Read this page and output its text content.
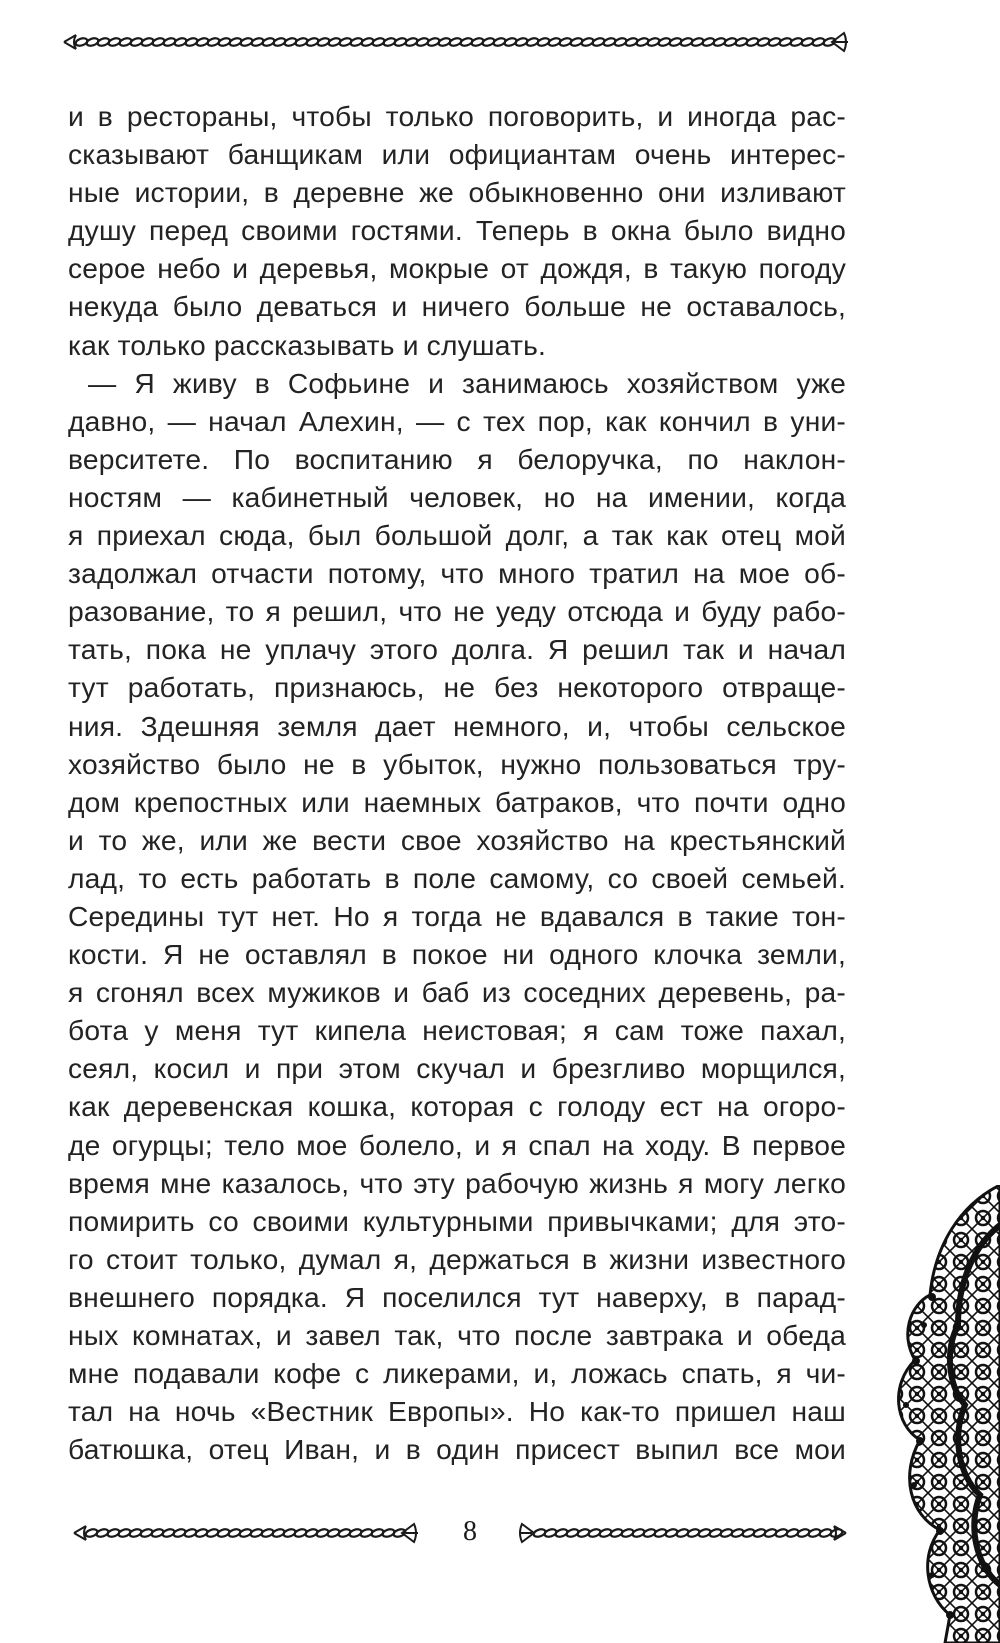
и в рестораны, чтобы только поговорить, и иногда рас-
сказывают банщикам или официантам очень интерес-
ные истории, в деревне же обыкновенно они изливают
душу перед своими гостями. Теперь в окна было видно
серое небо и деревья, мокрые от дождя, в такую погоду
некуда было деваться и ничего больше не оставалось,
как только рассказывать и слушать.
— Я живу в Софьине и занимаюсь хозяйством уже
давно, — начал Алехин, — с тех пор, как кончил в уни-
верситете. По воспитанию я белоручка, по наклон-
ностям — кабинетный человек, но на имении, когда
я приехал сюда, был большой долг, а так как отец мой
задолжал отчасти потому, что много тратил на мое об-
разование, то я решил, что не уеду отсюда и буду рабо-
тать, пока не уплачу этого долга. Я решил так и начал
тут работать, признаюсь, не без некоторого отвраще-
ния. Здешняя земля дает немного, и, чтобы сельское
хозяйство было не в убыток, нужно пользоваться тру-
дом крепостных или наемных батраков, что почти одно
и то же, или же вести свое хозяйство на крестьянский
лад, то есть работать в поле самому, со своей семьей.
Середины тут нет. Но я тогда не вдавался в такие тон-
кости. Я не оставлял в покое ни одного клочка земли,
я сгонял всех мужиков и баб из соседних деревень, ра-
бота у меня тут кипела неистовая; я сам тоже пахал,
сеял, косил и при этом скучал и брезгливо морщился,
как деревенская кошка, которая с голоду ест на огоро-
де огурцы; тело мое болело, и я спал на ходу. В первое
время мне казалось, что эту рабочую жизнь я могу легко
помирить со своими культурными привычками; для это-
го стоит только, думал я, держаться в жизни известного
внешнего порядка. Я поселился тут наверху, в парад-
ных комнатах, и завел так, что после завтрака и обеда
мне подавали кофе с ликерами, и, ложась спать, я чи-
тал на ночь «Вестник Европы». Но как-то пришел наш
батюшка, отец Иван, и в один присест выпил все мои
8
